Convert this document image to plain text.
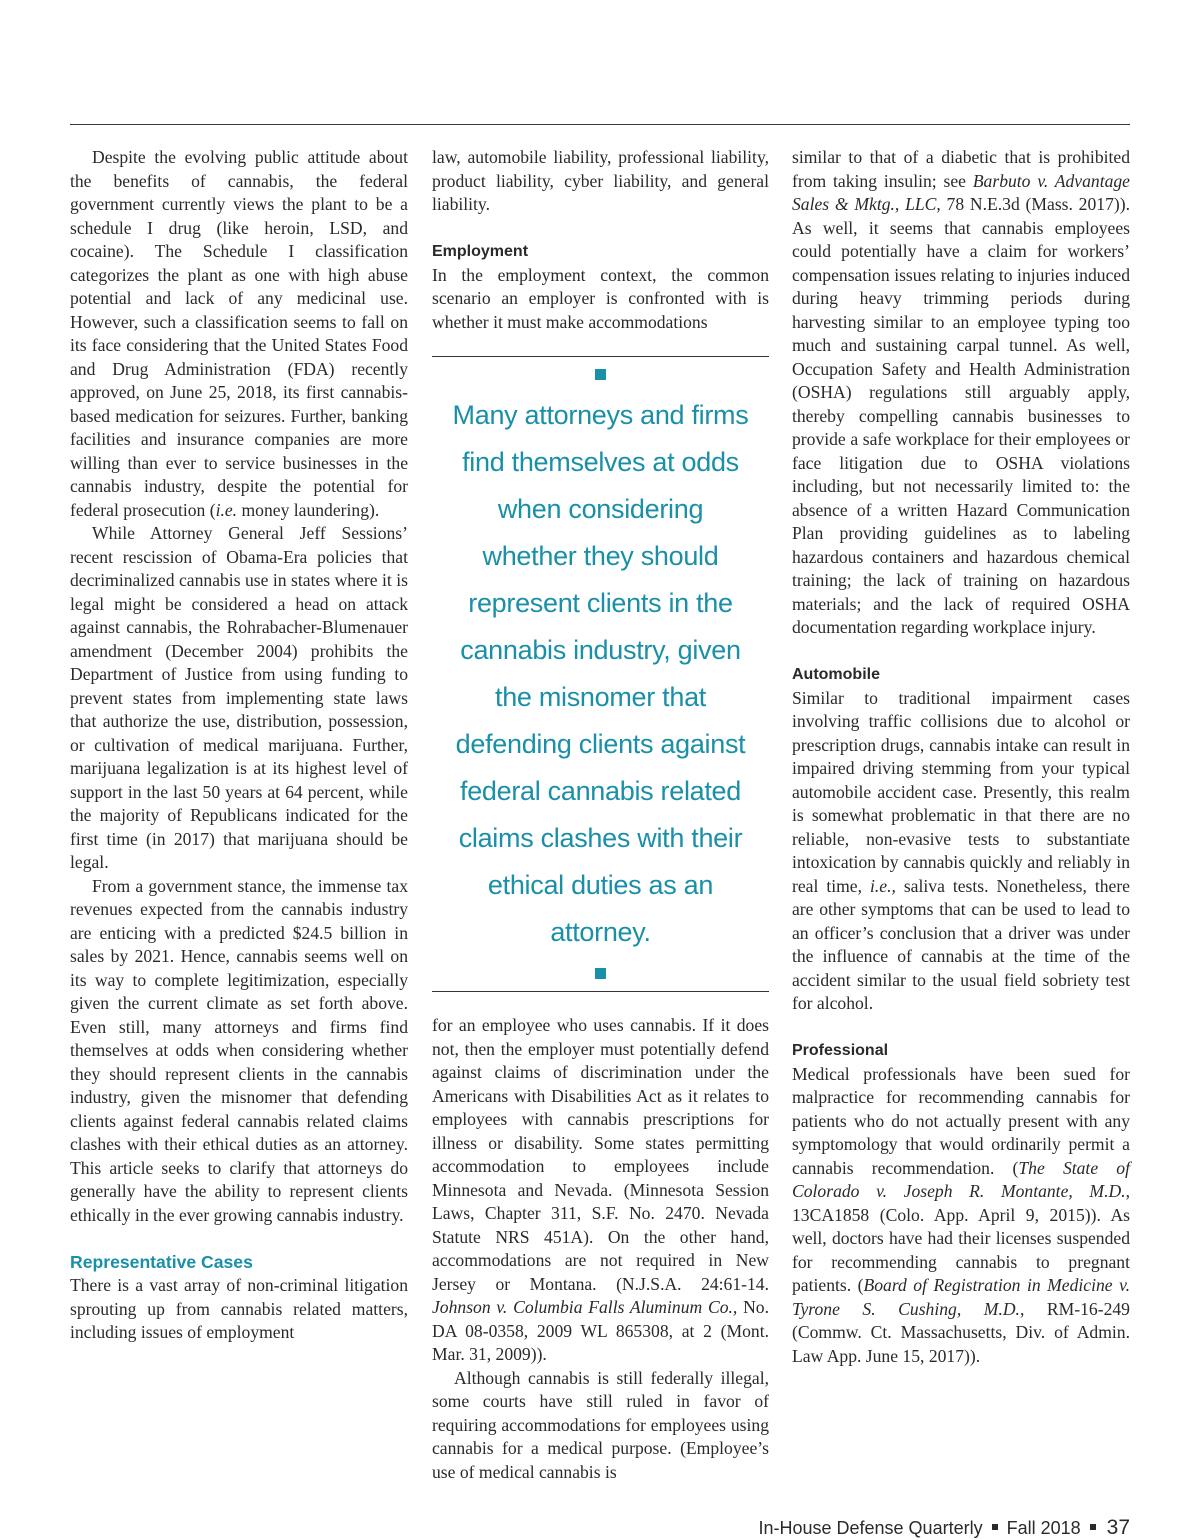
Despite the evolving public attitude about the benefits of cannabis, the federal government currently views the plant to be a schedule I drug (like heroin, LSD, and cocaine). The Schedule I classification categorizes the plant as one with high abuse potential and lack of any medicinal use. However, such a classification seems to fall on its face considering that the United States Food and Drug Administration (FDA) recently approved, on June 25, 2018, its first cannabis-based medication for seizures. Further, banking facilities and insurance companies are more willing than ever to service businesses in the cannabis industry, despite the potential for federal prosecution (i.e. money laundering).

While Attorney General Jeff Sessions’ recent rescission of Obama-Era policies that decriminalized cannabis use in states where it is legal might be considered a head on attack against cannabis, the Rohrabacher-Blumenauer amendment (December 2004) prohibits the Department of Justice from using funding to prevent states from implementing state laws that authorize the use, distribution, possession, or cultivation of medical marijuana. Further, marijuana legalization is at its highest level of support in the last 50 years at 64 percent, while the majority of Republicans indicated for the first time (in 2017) that marijuana should be legal.

From a government stance, the immense tax revenues expected from the cannabis industry are enticing with a predicted $24.5 billion in sales by 2021. Hence, cannabis seems well on its way to complete legitimization, especially given the current climate as set forth above. Even still, many attorneys and firms find themselves at odds when considering whether they should represent clients in the cannabis industry, given the misnomer that defending clients against federal cannabis related claims clashes with their ethical duties as an attorney. This article seeks to clarify that attorneys do generally have the ability to represent clients ethically in the ever growing cannabis industry.

Representative Cases

There is a vast array of non-criminal litigation sprouting up from cannabis related matters, including issues of employment

law, automobile liability, professional liability, product liability, cyber liability, and general liability.

Employment

In the employment context, the common scenario an employer is confronted with is whether it must make accommodations

Many attorneys and firms find themselves at odds when considering whether they should represent clients in the cannabis industry, given the misnomer that defending clients against federal cannabis related claims clashes with their ethical duties as an attorney.

for an employee who uses cannabis. If it does not, then the employer must potentially defend against claims of discrimination under the Americans with Disabilities Act as it relates to employees with cannabis prescriptions for illness or disability. Some states permitting accommodation to employees include Minnesota and Nevada. (Minnesota Session Laws, Chapter 311, S.F. No. 2470. Nevada Statute NRS 451A). On the other hand, accommodations are not required in New Jersey or Montana. (N.J.S.A. 24:61-14. Johnson v. Columbia Falls Aluminum Co., No. DA 08-0358, 2009 WL 865308, at 2 (Mont. Mar. 31, 2009)).

Although cannabis is still federally illegal, some courts have still ruled in favor of requiring accommodations for employees using cannabis for a medical purpose. (Employee’s use of medical cannabis is

similar to that of a diabetic that is prohibited from taking insulin; see Barbuto v. Advantage Sales & Mktg., LLC, 78 N.E.3d (Mass. 2017)). As well, it seems that cannabis employees could potentially have a claim for workers’ compensation issues relating to injuries induced during heavy trimming periods during harvesting similar to an employee typing too much and sustaining carpal tunnel. As well, Occupation Safety and Health Administration (OSHA) regulations still arguably apply, thereby compelling cannabis businesses to provide a safe workplace for their employees or face litigation due to OSHA violations including, but not necessarily limited to: the absence of a written Hazard Communication Plan providing guidelines as to labeling hazardous containers and hazardous chemical training; the lack of training on hazardous materials; and the lack of required OSHA documentation regarding workplace injury.

Automobile

Similar to traditional impairment cases involving traffic collisions due to alcohol or prescription drugs, cannabis intake can result in impaired driving stemming from your typical automobile accident case. Presently, this realm is somewhat problematic in that there are no reliable, non-evasive tests to substantiate intoxication by cannabis quickly and reliably in real time, i.e., saliva tests. Nonetheless, there are other symptoms that can be used to lead to an officer’s conclusion that a driver was under the influence of cannabis at the time of the accident similar to the usual field sobriety test for alcohol.

Professional

Medical professionals have been sued for malpractice for recommending cannabis for patients who do not actually present with any symptomology that would ordinarily permit a cannabis recommendation. (The State of Colorado v. Joseph R. Montante, M.D., 13CA1858 (Colo. App. April 9, 2015)). As well, doctors have had their licenses suspended for recommending cannabis to pregnant patients. (Board of Registration in Medicine v. Tyrone S. Cushing, M.D., RM-16-249 (Commw. Ct. Massachusetts, Div. of Admin. Law App. June 15, 2017)).

In-House Defense Quarterly Fall 2018 37
